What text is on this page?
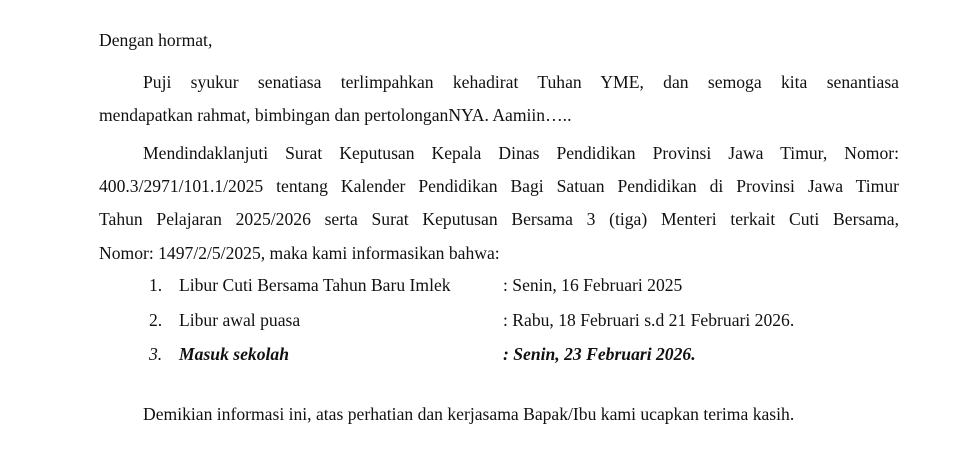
Dengan hormat,
Puji syukur senatiasa terlimpahkan kehadirat Tuhan YME, dan semoga kita senantiasa
mendapatkan rahmat, bimbingan dan pertolonganNYA. Aamiin…..
Mendindaklanjuti Surat Keputusan Kepala Dinas Pendidikan Provinsi Jawa Timur, Nomor:
400.3/2971/101.1/2025 tentang Kalender Pendidikan Bagi Satuan Pendidikan di Provinsi Jawa Timur
Tahun Pelajaran 2025/2026 serta Surat Keputusan Bersama 3 (tiga) Menteri terkait Cuti Bersama,
Nomor: 1497/2/5/2025, maka kami informasikan bahwa:
1. Libur Cuti Bersama Tahun Baru Imlek	: Senin, 16 Februari 2025
2. Libur awal puasa	: Rabu, 18 Februari s.d 21 Februari 2026.
3. Masuk sekolah	: Senin, 23 Februari 2026.
Demikian informasi ini, atas perhatian dan kerjasama Bapak/Ibu kami ucapkan terima kasih.
